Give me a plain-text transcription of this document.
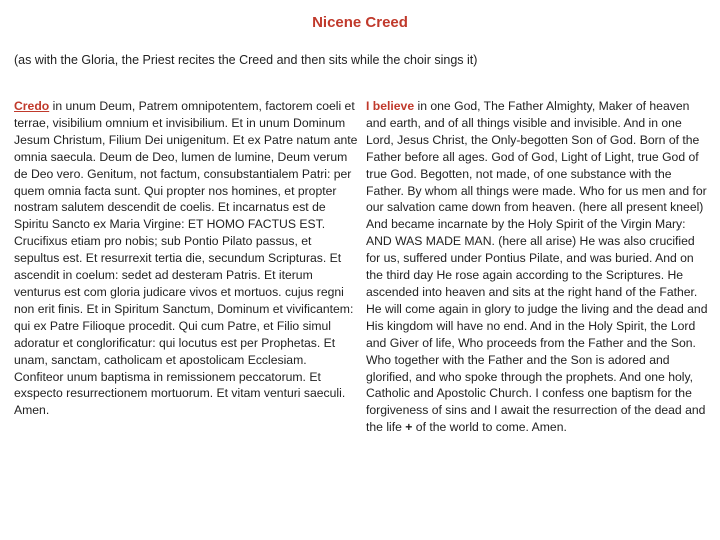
Nicene Creed
(as with the Gloria, the Priest recites the Creed and then sits while the choir sings it)
Credo in unum Deum, Patrem omnipotentem, factorem coeli et terrae, visibilium omnium et invisibilium. Et in unum Dominum Jesum Christum, Filium Dei unigenitum. Et ex Patre natum ante omnia saecula. Deum de Deo, lumen de lumine, Deum verum de Deo vero. Genitum, not factum, consubstantialem Patri: per quem omnia facta sunt. Qui propter nos homines, et propter nostram salutem descendit de coelis. Et incarnatus est de Spiritu Sancto ex Maria Virgine: ET HOMO FACTUS EST. Crucifixus etiam pro nobis; sub Pontio Pilato passus, et sepultus est. Et resurrexit tertia die, secundum Scripturas. Et ascendit in coelum: sedet ad desteram Patris. Et iterum venturus est com gloria judicare vivos et mortuos. cujus regni non erit finis. Et in Spiritum Sanctum, Dominum et vivificantem: qui ex Patre Filioque procedit. Qui cum Patre, et Filio simul adoratur et conglorificatur: qui locutus est per Prophetas. Et unam, sanctam, catholicam et apostolicam Ecclesiam. Confiteor unum baptisma in remissionem peccatorum. Et exspecto resurrectionem mortuorum. Et vitam venturi saeculi. Amen.
I believe in one God, The Father Almighty, Maker of heaven and earth, and of all things visible and invisible. And in one Lord, Jesus Christ, the Only-begotten Son of God. Born of the Father before all ages. God of God, Light of Light, true God of true God. Begotten, not made, of one substance with the Father. By whom all things were made. Who for us men and for our salvation came down from heaven. (here all present kneel) And became incarnate by the Holy Spirit of the Virgin Mary: AND WAS MADE MAN. (here all arise) He was also crucified for us, suffered under Pontius Pilate, and was buried. And on the third day He rose again according to the Scriptures. He ascended into heaven and sits at the right hand of the Father. He will come again in glory to judge the living and the dead and His kingdom will have no end. And in the Holy Spirit, the Lord and Giver of life, Who proceeds from the Father and the Son. Who together with the Father and the Son is adored and glorified, and who spoke through the prophets. And one holy, Catholic and Apostolic Church. I confess one baptism for the forgiveness of sins and I await the resurrection of the dead and the life + of the world to come. Amen.
